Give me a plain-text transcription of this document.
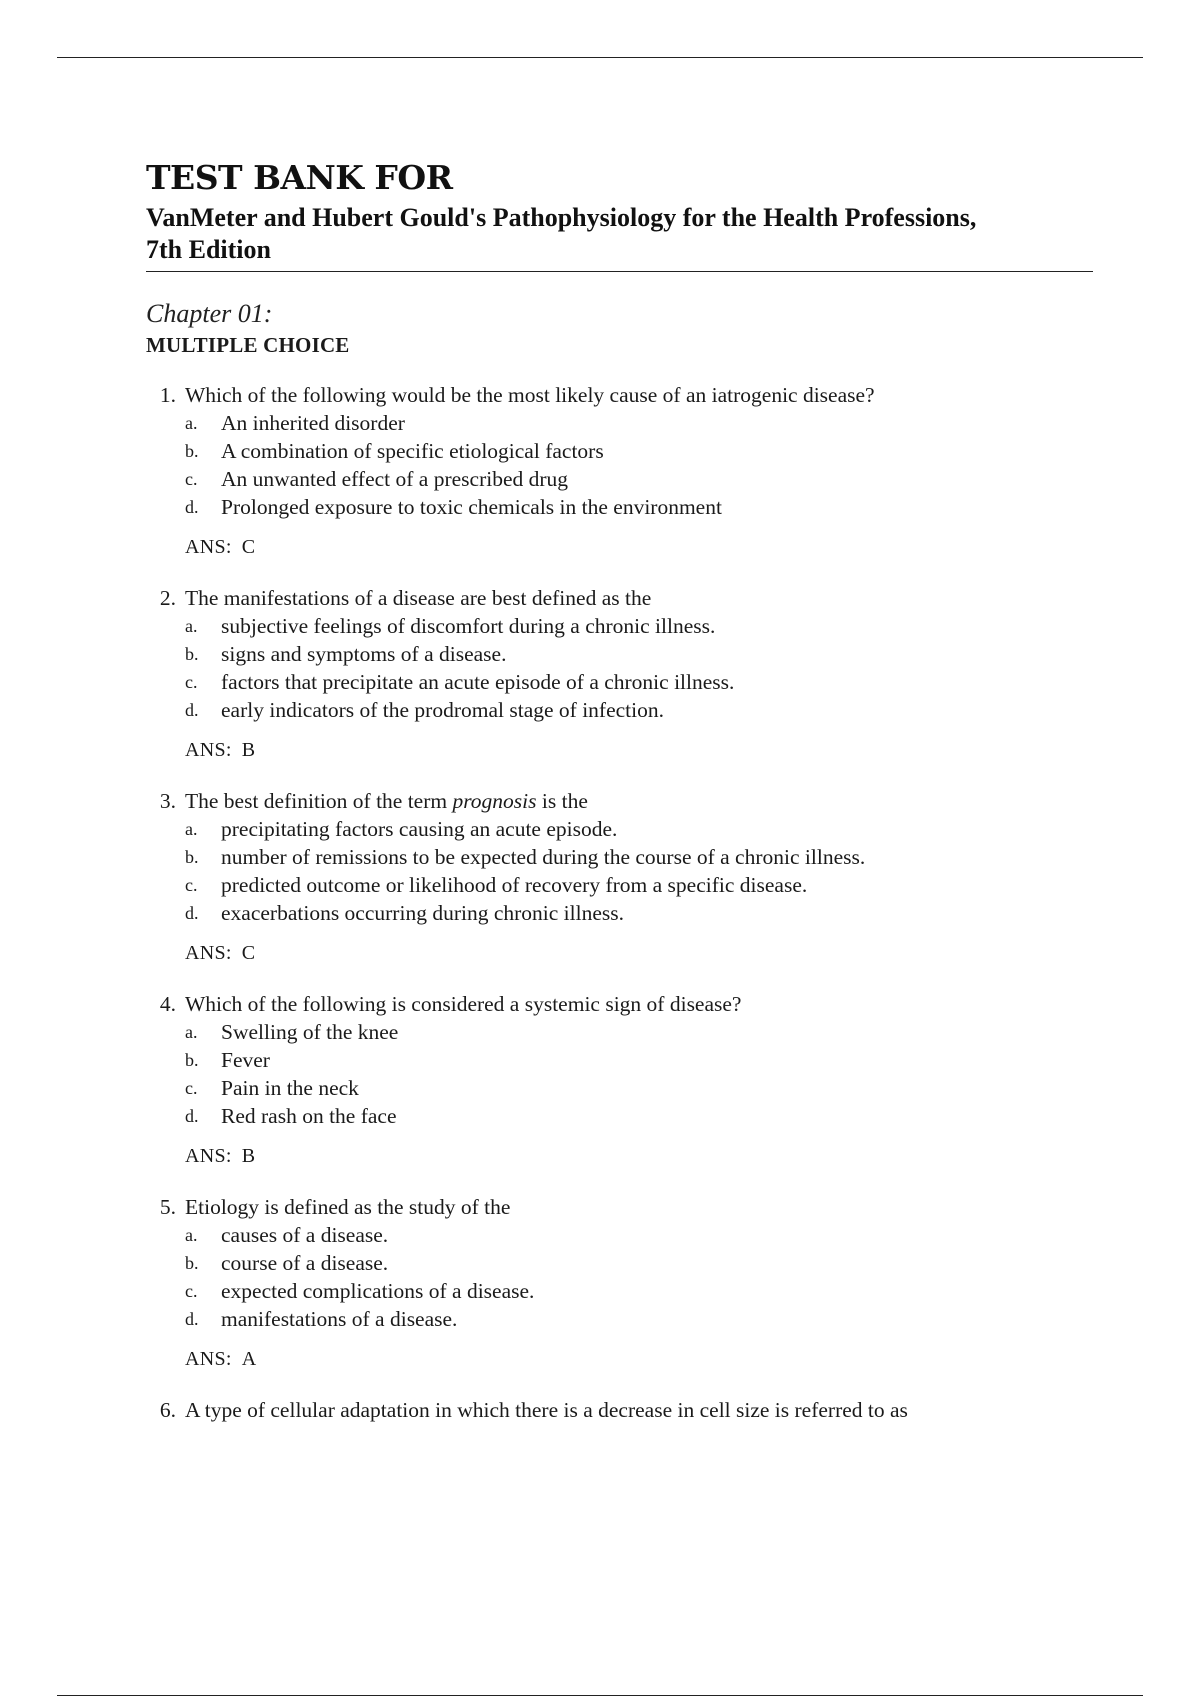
TEST BANK FOR
VanMeter and Hubert Gould's Pathophysiology for the Health Professions,
7th Edition
Chapter 01:
MULTIPLE CHOICE
1. Which of the following would be the most likely cause of an iatrogenic disease?
a.	An inherited disorder
b.	A combination of specific etiological factors
c.	An unwanted effect of a prescribed drug
d.	Prolonged exposure to toxic chemicals in the environment
ANS: C
2. The manifestations of a disease are best defined as the
a.	subjective feelings of discomfort during a chronic illness.
b.	signs and symptoms of a disease.
c.	factors that precipitate an acute episode of a chronic illness.
d.	early indicators of the prodromal stage of infection.
ANS: B
3. The best definition of the term prognosis is the
a.	precipitating factors causing an acute episode.
b.	number of remissions to be expected during the course of a chronic illness.
c.	predicted outcome or likelihood of recovery from a specific disease.
d.	exacerbations occurring during chronic illness.
ANS: C
4. Which of the following is considered a systemic sign of disease?
a.	Swelling of the knee
b.	Fever
c.	Pain in the neck
d.	Red rash on the face
ANS: B
5. Etiology is defined as the study of the
a.	causes of a disease.
b.	course of a disease.
c.	expected complications of a disease.
d.	manifestations of a disease.
ANS: A
6. A type of cellular adaptation in which there is a decrease in cell size is referred to as
